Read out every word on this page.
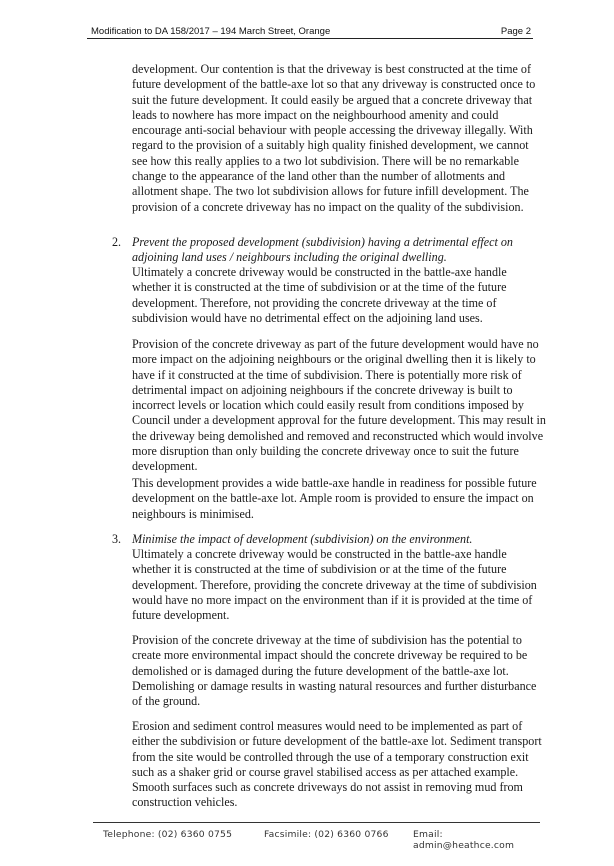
Modification to DA 158/2017 – 194 March Street, Orange	Page 2

development. Our contention is that the driveway is best constructed at the time of future development of the battle-axe lot so that any driveway is constructed once to suit the future development. It could easily be argued that a concrete driveway that leads to nowhere has more impact on the neighbourhood amenity and could encourage anti-social behaviour with people accessing the driveway illegally. With regard to the provision of a suitably high quality finished development, we cannot see how this really applies to a two lot subdivision. There will be no remarkable change to the appearance of the land other than the number of allotments and allotment shape. The two lot subdivision allows for future infill development. The provision of a concrete driveway has no impact on the quality of the subdivision.

2. Prevent the proposed development (subdivision) having a detrimental effect on adjoining land uses / neighbours including the original dwelling.

Ultimately a concrete driveway would be constructed in the battle-axe handle whether it is constructed at the time of subdivision or at the time of the future development. Therefore, not providing the concrete driveway at the time of subdivision would have no detrimental effect on the adjoining land uses.

Provision of the concrete driveway as part of the future development would have no more impact on the adjoining neighbours or the original dwelling then it is likely to have if it constructed at the time of subdivision. There is potentially more risk of detrimental impact on adjoining neighbours if the concrete driveway is built to incorrect levels or location which could easily result from conditions imposed by Council under a development approval for the future development. This may result in the driveway being demolished and removed and reconstructed which would involve more disruption than only building the concrete driveway once to suit the future development.

This development provides a wide battle-axe handle in readiness for possible future development on the battle-axe lot. Ample room is provided to ensure the impact on neighbours is minimised.

3. Minimise the impact of development (subdivision) on the environment.

Ultimately a concrete driveway would be constructed in the battle-axe handle whether it is constructed at the time of subdivision or at the time of the future development. Therefore, providing the concrete driveway at the time of subdivision would have no more impact on the environment than if it is provided at the time of future development.

Provision of the concrete driveway at the time of subdivision has the potential to create more environmental impact should the concrete driveway be required to be demolished or is damaged during the future development of the battle-axe lot. Demolishing or damage results in wasting natural resources and further disturbance of the ground.

Erosion and sediment control measures would need to be implemented as part of either the subdivision or future development of the battle-axe lot. Sediment transport from the site would be controlled through the use of a temporary construction exit such as a shaker grid or course gravel stabilised access as per attached example. Smooth surfaces such as concrete driveways do not assist in removing mud from construction vehicles.

Telephone: (02) 6360 0755	Facsimile: (02) 6360 0766	Email: admin@heathce.com
